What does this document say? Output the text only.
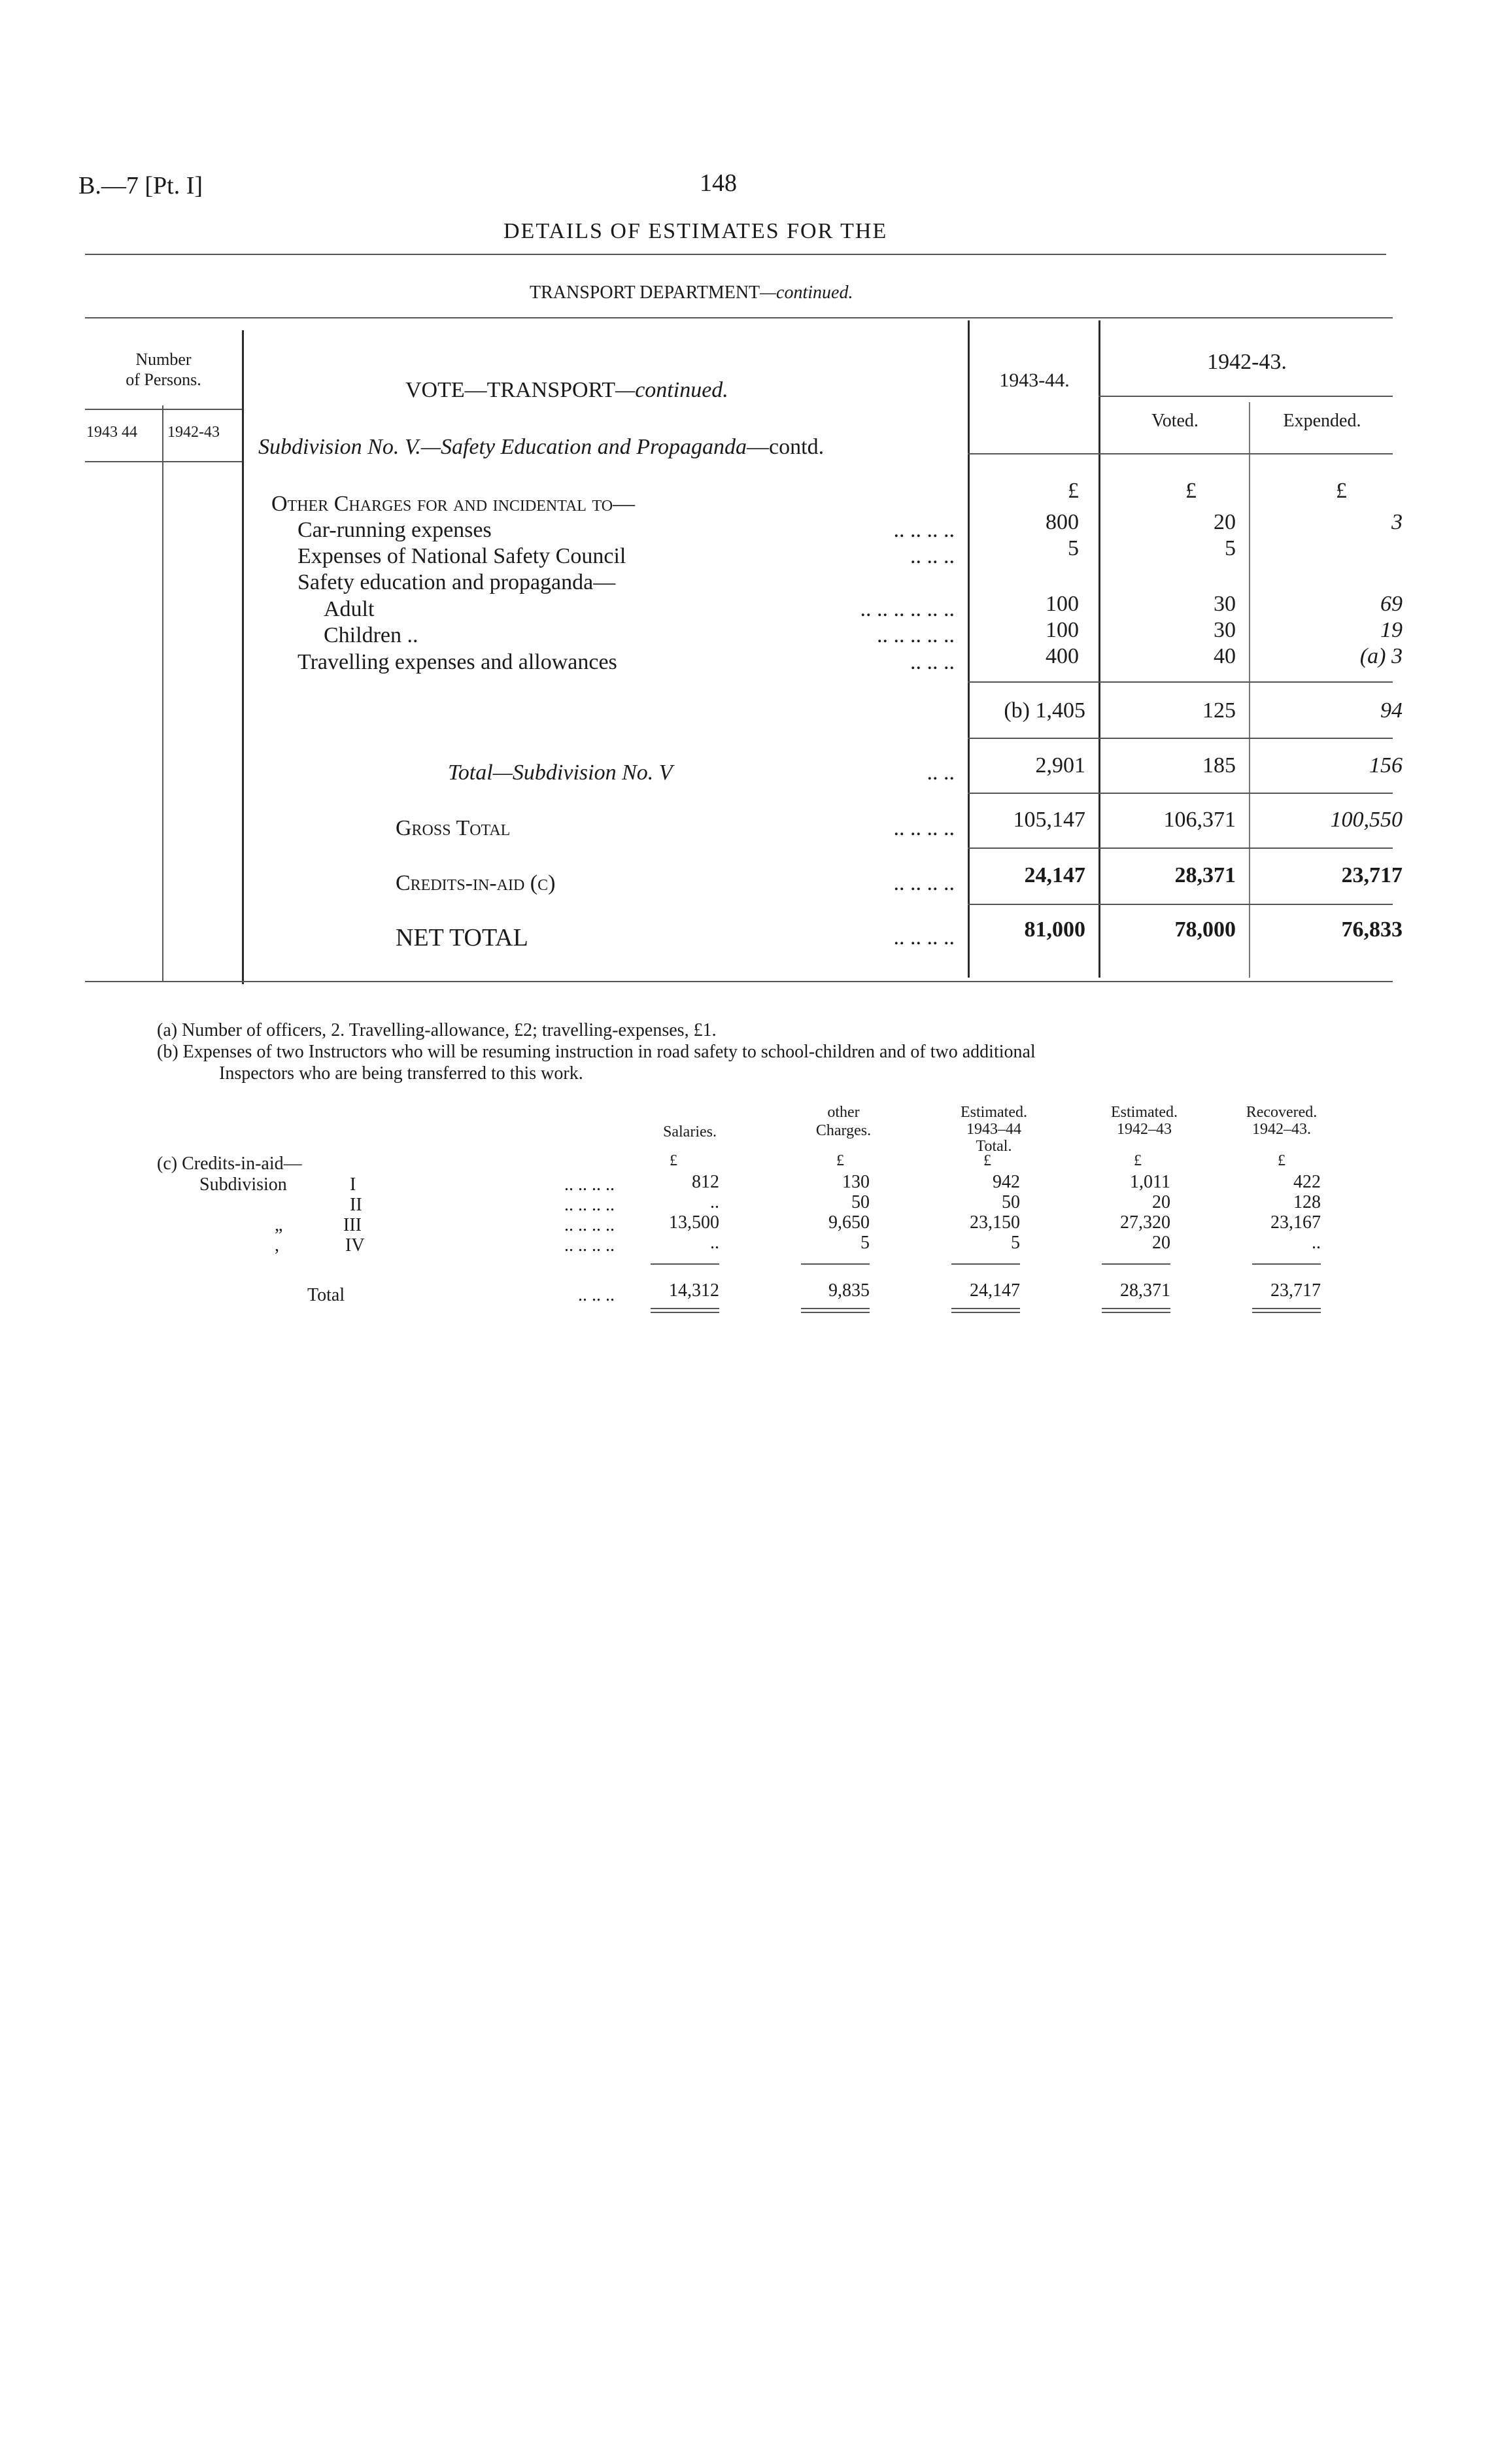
B.—7 [Pt. I]	148
DETAILS OF ESTIMATES FOR THE
TRANSPORT DEPARTMENT—continued.
Number
of Persons.
1943 44 1942-43
VOTE—TRANSPORT—continued.
Subdivision No. V.—Safety Education and Propaganda—contd.
1943-44.
1942-43.
Voted.	Expended.
£	£	£
Other Charges for and incidental to—
Car-running expenses	.. .. .. ..	800	20	3
Expenses of National Safety Council	.. .. ..	5	5
Safety education and propaganda—
Adult	.. .. .. .. .. ..	100	30	69
Children ..	.. .. .. .. ..	100	30	19
Travelling expenses and allowances	.. .. ..	400	40	(a) 3
(b) 1,405	125	94
Total—Subdivision No. V	.. ..	2,901	185	156
Gross Total	.. .. .. ..	105,147	106,371	100,550
Credits-in-aid (c)	.. .. .. ..	24,147	28,371	23,717
NET TOTAL	.. .. .. ..	81,000	78,000	76,833
(a) Number of officers, 2. Travelling-allowance, £2; travelling-expenses, £1.
(b) Expenses of two Instructors who will be resuming instruction in road safety to school-children and of two additional
Inspectors who are being transferred to this work.
Salaries.
other
Charges.
Estimated.
1943–44
Total.
Estimated.
1942–43
Recovered.
1942–43.
£	£	£	£	£
(c) Credits-in-aid—
Subdivision	I	.. .. .. ..	812	130	942	1,011	422
II	.. .. .. ..	..	50	50	20	128
„	III	.. .. .. ..	13,500	9,650	23,150	27,320	23,167
,	IV	.. .. .. ..	..	5	5	20	..
Total	.. .. ..	14,312	9,835	24,147	28,371	23,717
